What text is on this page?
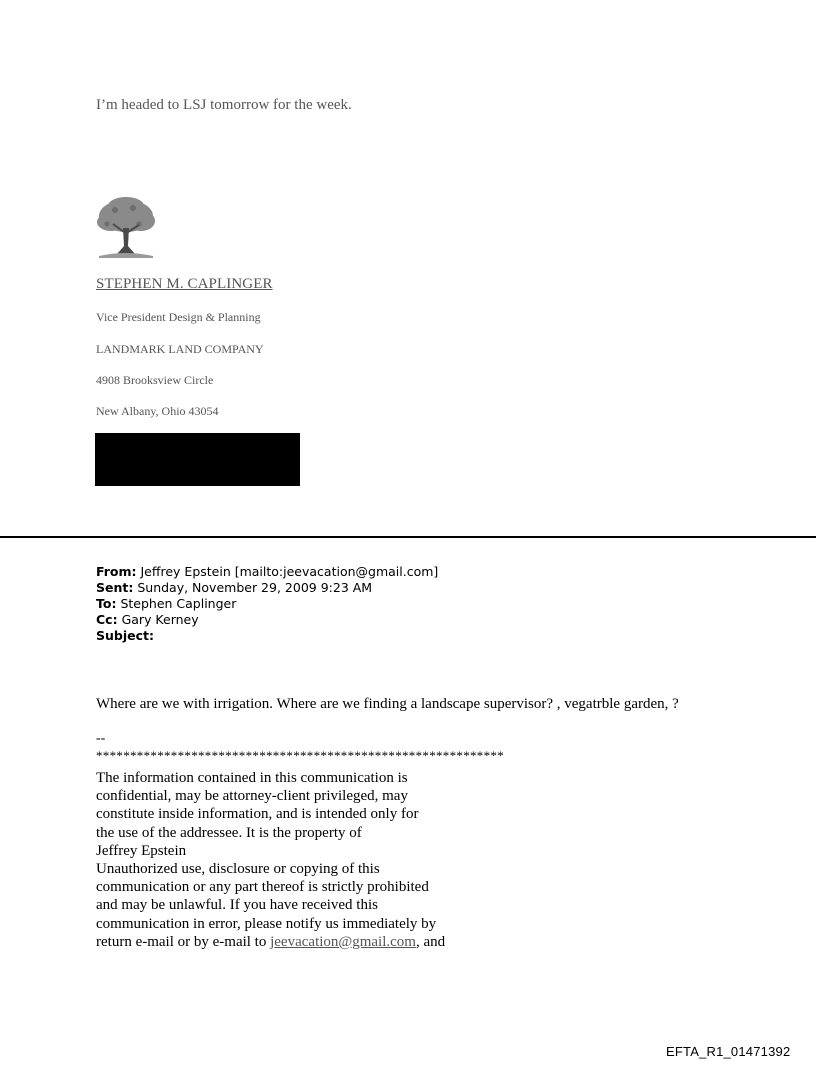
I’m headed to LSJ tomorrow for the week.
STEPHEN M. CAPLINGER
Vice President Design & Planning
LANDMARK LAND COMPANY
4908 Brooksview Circle
New Albany, Ohio 43054
From: Jeffrey Epstein [mailto:jeevacation@gmail.com]
Sent: Sunday, November 29, 2009 9:23 AM
To: Stephen Caplinger
Cc: Gary Kerney
Subject:
Where are we with irrigation. Where are we finding a landscape supervisor? , vegatrble garden, ?
--
************************************************************
The information contained in this communication is
confidential, may be attorney-client privileged, may
constitute inside information, and is intended only for
the use of the addressee. It is the property of
Jeffrey Epstein
Unauthorized use, disclosure or copying of this
communication or any part thereof is strictly prohibited
and may be unlawful. If you have received this
communication in error, please notify us immediately by
return e-mail or by e-mail to jeevacation@gmail.com, and
EFTA_R1_01471392
